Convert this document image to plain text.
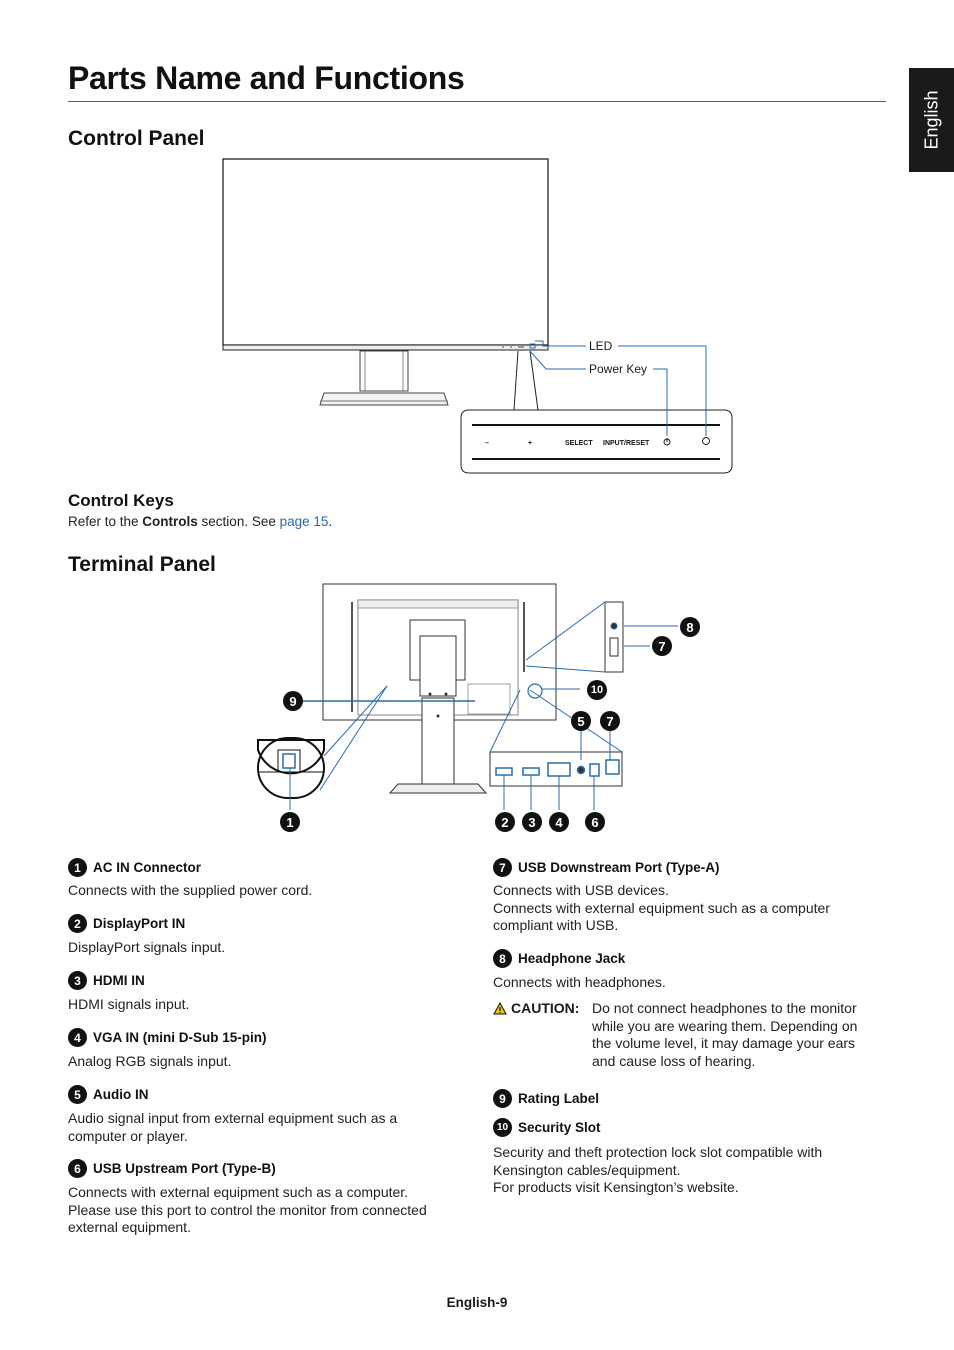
Parts Name and Functions
English
Control Panel
–	+	SELECT INPUT/RESET
LED
Power Key
Control Keys
Refer to the Controls section. See page 15.
Terminal Panel
1	2	3	4	6
5	7
7
8
9
10
1 AC IN Connector
Connects with the supplied power cord.
2 DisplayPort IN
DisplayPort signals input.
3 HDMI IN
HDMI signals input.
4 VGA IN (mini D-Sub 15-pin)
Analog RGB signals input.
5 Audio IN
Audio signal input from external equipment such as a
computer or player.
6 USB Upstream Port (Type-B)
Connects with external equipment such as a computer.
Please use this port to control the monitor from connected
external equipment.
7 USB Downstream Port (Type-A)
Connects with USB devices.
Connects with external equipment such as a computer
compliant with USB.
8 Headphone Jack
Connects with headphones.
CAUTION: Do not connect headphones to the monitor
while you are wearing them. Depending on
the volume level, it may damage your ears
and cause loss of hearing.
9 Rating Label
10 Security Slot
Security and theft protection lock slot compatible with
Kensington cables/equipment.
For products visit Kensington’s website.
English-9
